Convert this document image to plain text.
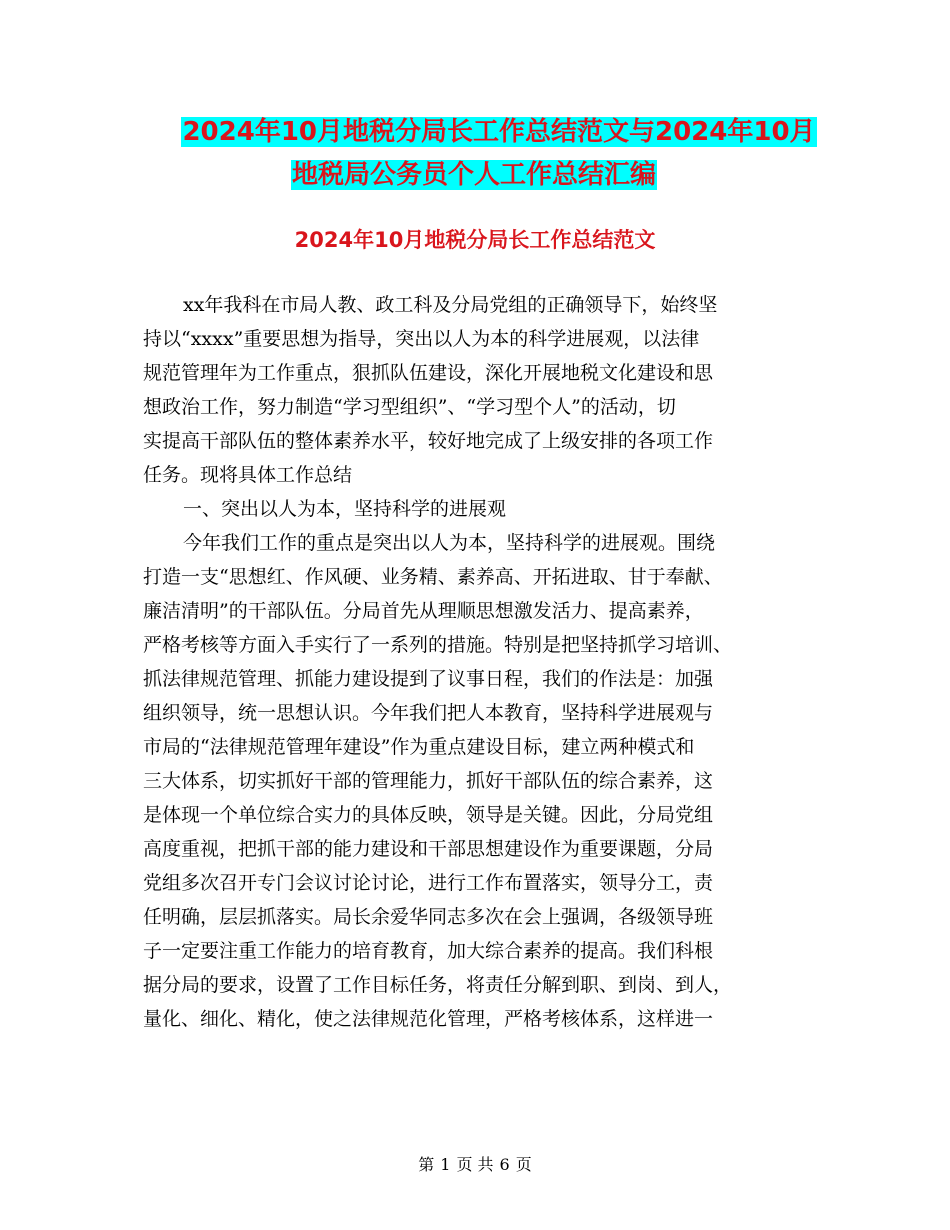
2024年10月地税分局长工作总结范文与2024年10月
地税局公务员个人工作总结汇编
2024年10月地税分局长工作总结范文
xx年我科在市局人教、政工科及分局党组的正确领导下，始终坚
持以“xxxx”重要思想为指导，突出以人为本的科学进展观，以法律
规范管理年为工作重点，狠抓队伍建设，深化开展地税文化建设和思
想政治工作，努力制造“学习型组织”、“学习型个人”的活动，切
实提高干部队伍的整体素养水平，较好地完成了上级安排的各项工作
任务。现将具体工作总结
一、突出以人为本，坚持科学的进展观
今年我们工作的重点是突出以人为本，坚持科学的进展观。围绕
打造一支“思想红、作风硬、业务精、素养高、开拓进取、甘于奉献、
廉洁清明”的干部队伍。分局首先从理顺思想激发活力、提高素养，
严格考核等方面入手实行了一系列的措施。特别是把坚持抓学习培训、
抓法律规范管理、抓能力建设提到了议事日程，我们的作法是：加强
组织领导，统一思想认识。今年我们把人本教育，坚持科学进展观与
市局的“法律规范管理年建设”作为重点建设目标，建立两种模式和
三大体系，切实抓好干部的管理能力，抓好干部队伍的综合素养，这
是体现一个单位综合实力的具体反映，领导是关键。因此，分局党组
高度重视，把抓干部的能力建设和干部思想建设作为重要课题，分局
党组多次召开专门会议讨论讨论，进行工作布置落实，领导分工，责
任明确，层层抓落实。局长余爱华同志多次在会上强调，各级领导班
子一定要注重工作能力的培育教育，加大综合素养的提高。我们科根
据分局的要求，设置了工作目标任务，将责任分解到职、到岗、到人，
量化、细化、精化，使之法律规范化管理，严格考核体系，这样进一
第 1 页 共 6 页
